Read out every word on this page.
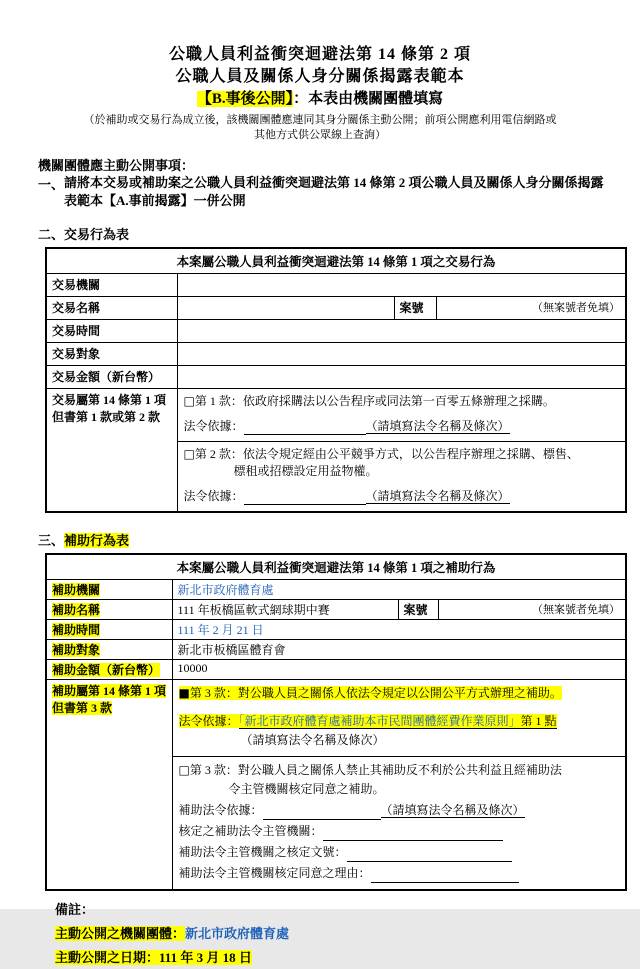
公職人員利益衝突迴避法第 14 條第 2 項
公職人員及關係人身分關係揭露表範本
【B.事後公開】：本表由機關團體填寫
（於補助或交易行為成立後，該機關團體應連同其身分關係主動公開；前項公開應利用電信網路或
其他方式供公眾線上查詢）
機關團體應主動公開事項：
一、 請將本交易或補助案之公職人員利益衝突迴避法第 14 條第 2 項公職人員及關係人身分關係揭露表範本【A.事前揭露】一併公開
二、交易行為表
本案屬公職人員利益衝突迴避法第 14 條第 1 項之交易行為			
交易機關			
交易名稱		案號	（無案號者免填）
交易時間			
交易對象			
交易金額（新台幣）			

交易屬第 14 條第 1 項
但書第 1 款或第 2 款

□第 1 款：依政府採購法以公告程序或同法第一百零五條辦理之採購。
法令依據：	（請填寫法令名稱及條次）
□第 2 款：依法令規定經由公平競爭方式，以公告程序辦理之採購、標售、
標租或招標設定用益物權。
法令依據：	（請填寫法令名稱及條次）
三、補助行為表
本案屬公職人員利益衝突迴避法第 14 條第 1 項之補助行為			
補助機關	新北市政府體育處		
補助名稱	111 年板橋區軟式網球期中賽	案號	（無案號者免填）
補助時間	111 年 2 月 21 日		
補助對象	新北市板橋區體育會		
補助金額（新台幣）	10000		

補助屬第 14 條第 1 項
但書第 3 款

■第 3 款：對公職人員之關係人依法令規定以公開公平方式辦理之補助。
法令依據：「新北市政府體育處補助本市民間團體經費作業原則」第 1 點
（請填寫法令名稱及條次）
□第 3 款：對公職人員之關係人禁止其補助反不利於公共利益且經補助法
令主管機關核定同意之補助。
補助法令依據：	（請填寫法令名稱及條次）
核定之補助法令主管機關：
補助法令主管機關之核定文號：
補助法令主管機關核定同意之理由：
備註：
主動公開之機關團體：新北市政府體育處
主動公開之日期：111 年 3 月 18 日
